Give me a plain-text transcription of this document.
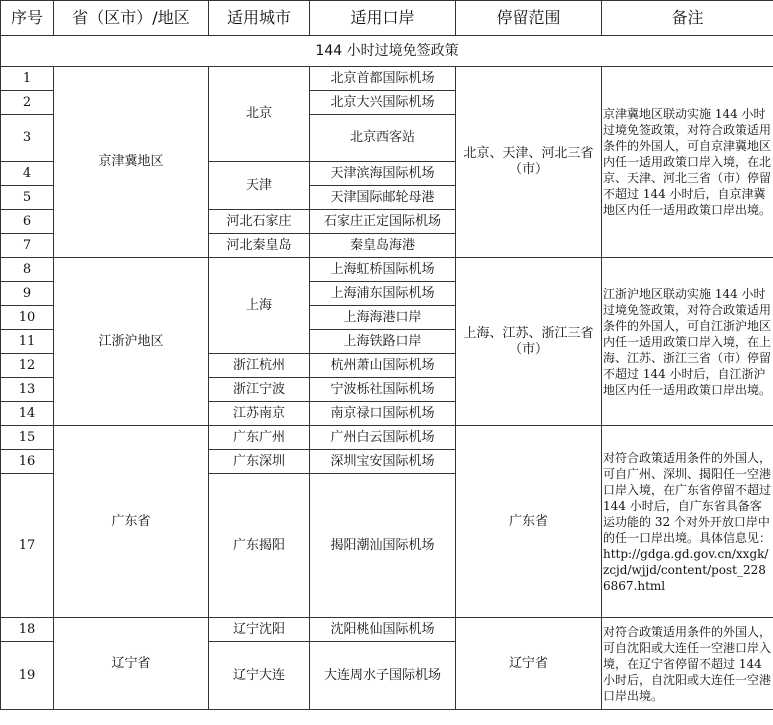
序号	省（区市）/地区	适用城市	适用口岸	停留范围	备注
144 小时过境免签政策					
1	京津冀地区	北京	北京首都国际机场	北京、天津、河北三省（市）	京津冀地区联动实施 144 小时过境免签政策，对符合政策适用条件的外国人，可自京津冀地区内任一适用政策口岸入境，在北京、天津、河北三省（市）停留不超过 144 小时后，自京津冀地区内任一适用政策口岸出境。
2			北京大兴国际机场		
3			北京西客站		
4		天津	天津滨海国际机场		
5			天津国际邮轮母港		
6		河北石家庄	石家庄正定国际机场		
7		河北秦皇岛	秦皇岛海港		
8	江浙沪地区	上海	上海虹桥国际机场	上海、江苏、浙江三省（市）	江浙沪地区联动实施 144 小时过境免签政策，对符合政策适用条件的外国人，可自江浙沪地区内任一适用政策口岸入境，在上海、江苏、浙江三省（市）停留不超过 144 小时后，自江浙沪地区内任一适用政策口岸出境。
9			上海浦东国际机场		
10			上海海港口岸		
11			上海铁路口岸		
12		浙江杭州	杭州萧山国际机场		
13		浙江宁波	宁波栎社国际机场		
14		江苏南京	南京禄口国际机场		
15	广东省	广东广州	广州白云国际机场	广东省	对符合政策适用条件的外国人，可自广州、深圳、揭阳任一空港口岸入境，在广东省停留不超过 144 小时后，自广东省具备客运功能的 32 个对外开放口岸中的任一口岸出境。具体信息见：http://gdga.gd.gov.cn/xxgk/zcjd/wjjd/content/post_2286867.html
16		广东深圳	深圳宝安国际机场		
17		广东揭阳	揭阳潮汕国际机场		
18	辽宁省	辽宁沈阳	沈阳桃仙国际机场	辽宁省	对符合政策适用条件的外国人，可自沈阳或大连任一空港口岸入境，在辽宁省停留不超过 144 小时后，自沈阳或大连任一空港口岸出境。
19		辽宁大连	大连周水子国际机场		
